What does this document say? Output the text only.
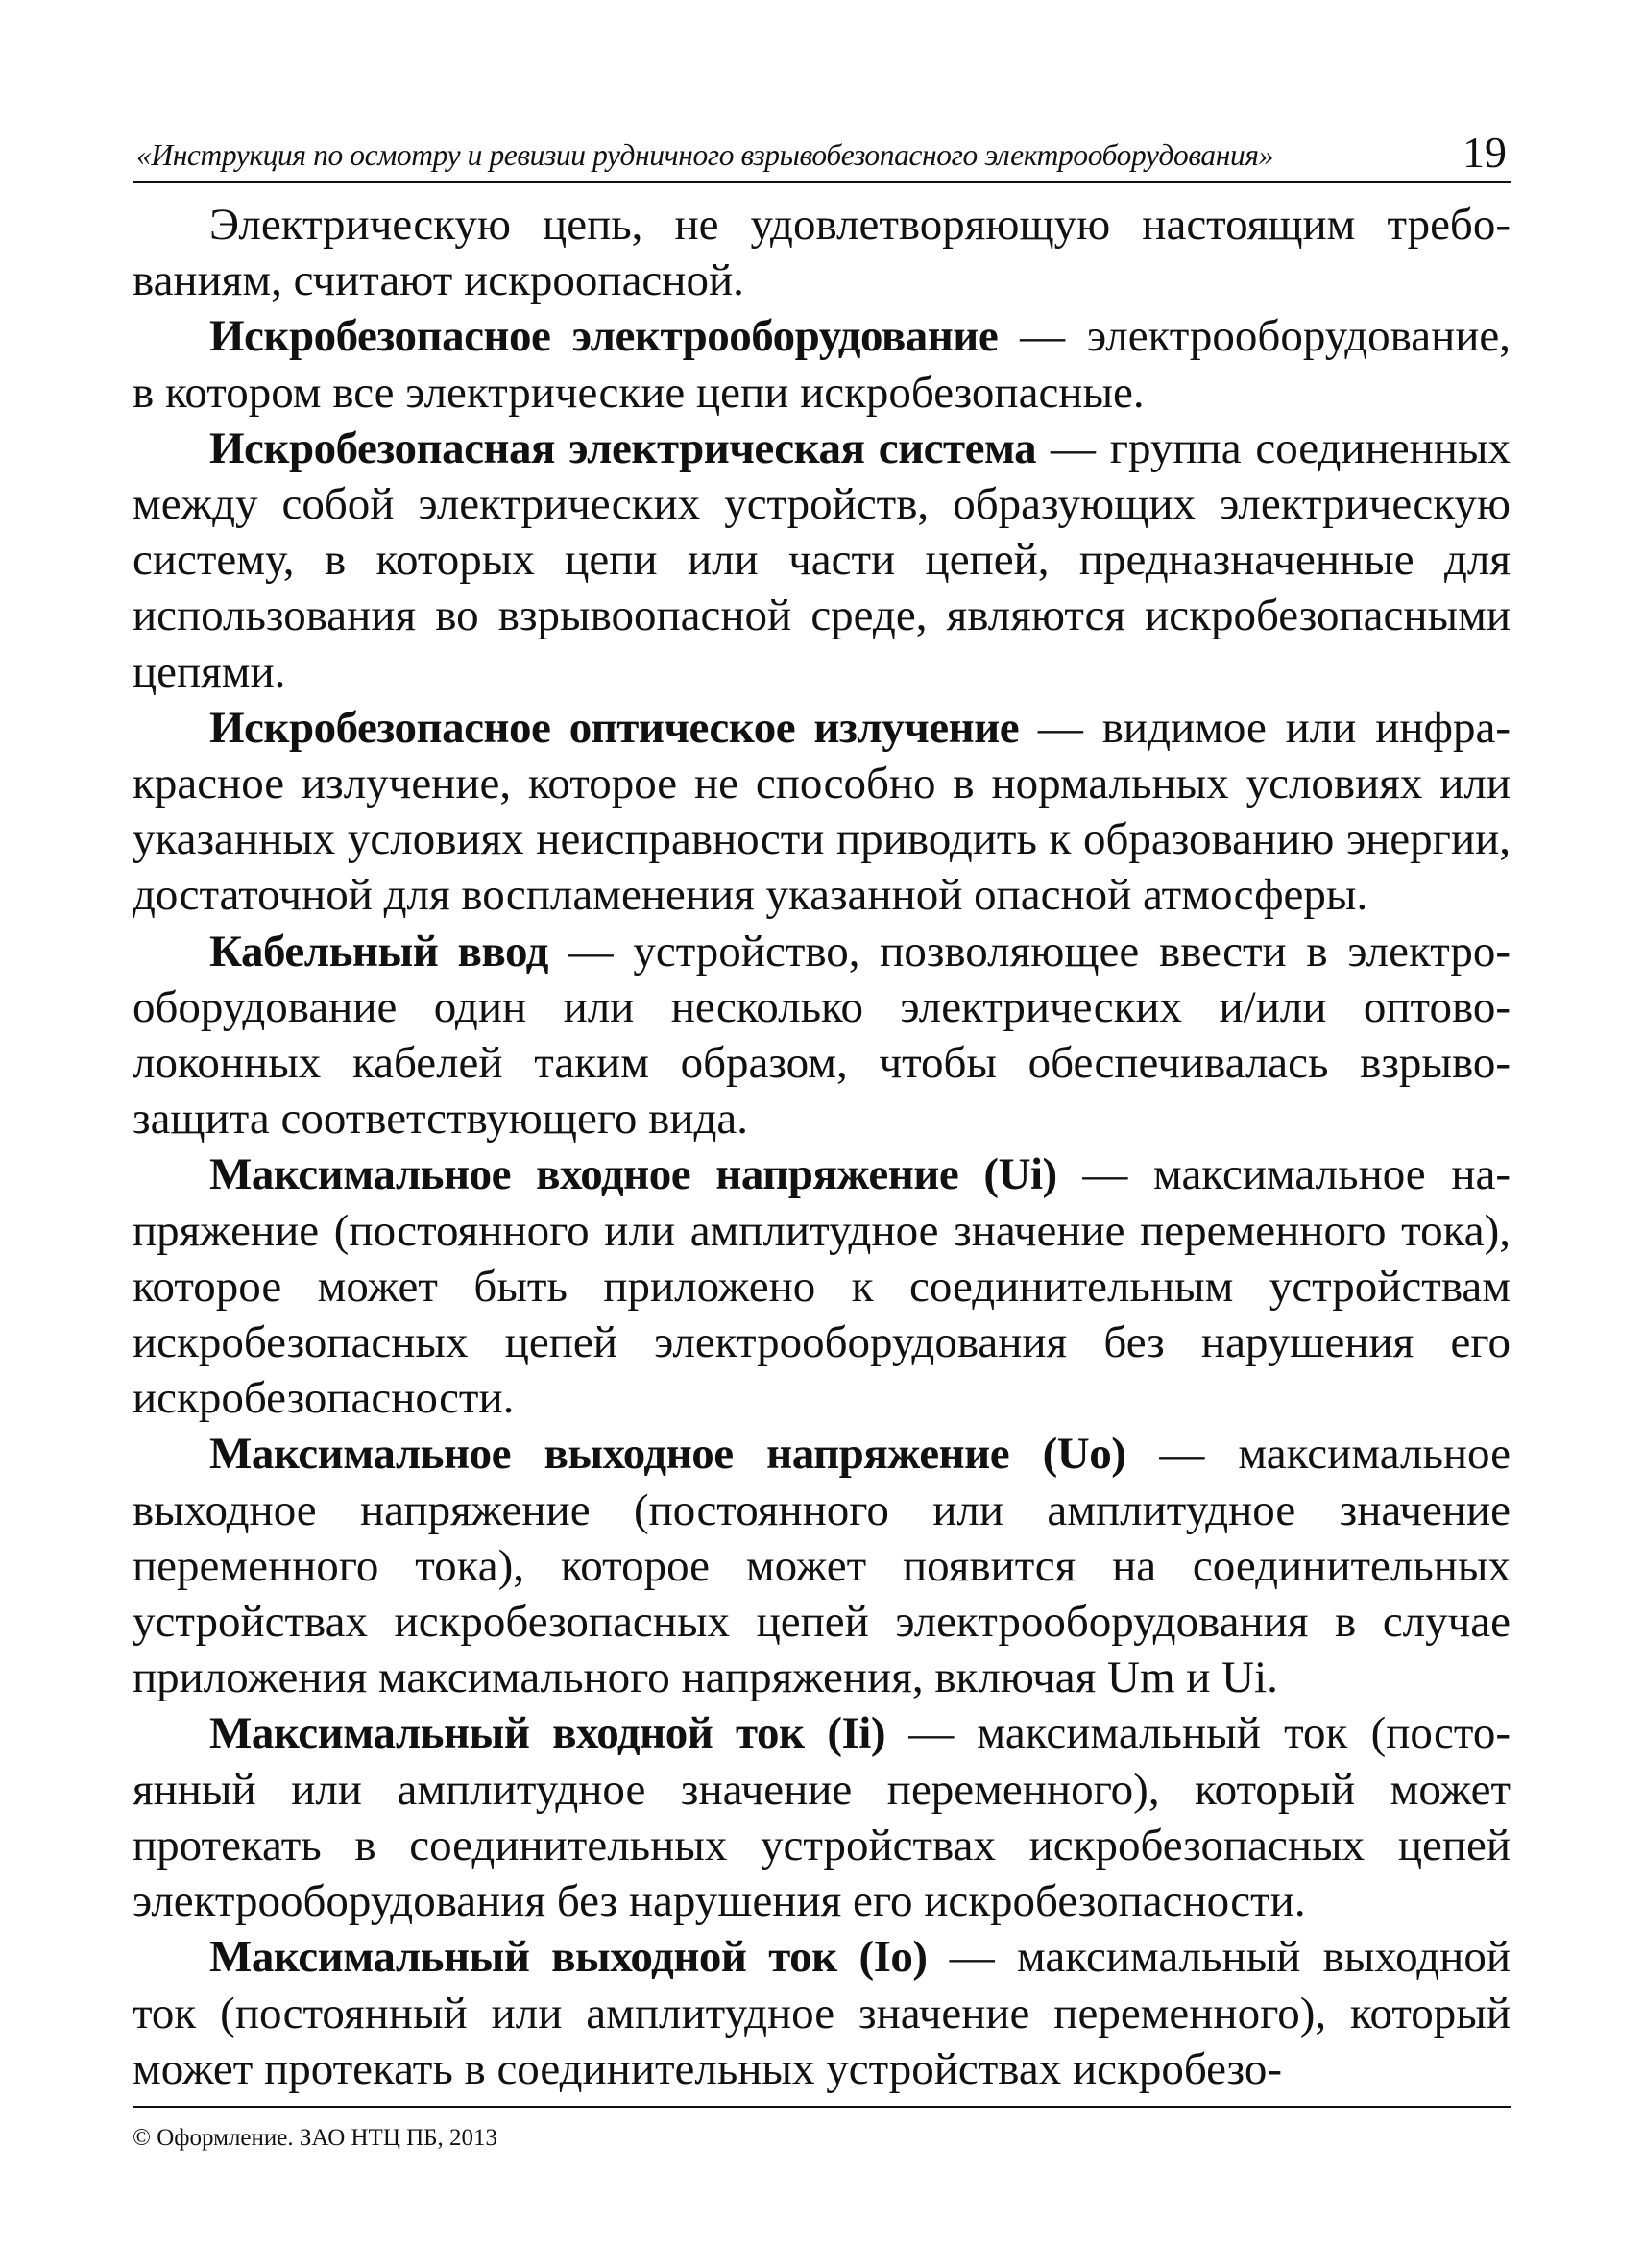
«Инструкция по осмотру и ревизии рудничного взрывобезопасного электрооборудования»	19

Электрическую цепь, не удовлетворяющую настоящим требованиям, считают искроопасной.

Искробезопасное электрооборудование — электрооборудование, в котором все электрические цепи искробезопасные.

Искробезопасная электрическая система — группа соединенных между собой электрических устройств, образующих электрическую систему, в которых цепи или части цепей, предназначенные для использования во взрывоопасной среде, являются искробезопасными цепями.

Искробезопасное оптическое излучение — видимое или инфракрасное излучение, которое не способно в нормальных условиях или указанных условиях неисправности приводить к образованию энергии, достаточной для воспламенения указанной опасной атмосферы.

Кабельный ввод — устройство, позволяющее ввести в электрооборудование один или несколько электрических и/или оптоволоконных кабелей таким образом, чтобы обеспечивалась взрывозащита соответствующего вида.

Максимальное входное напряжение (Ui) — максимальное напряжение (постоянного или амплитудное значение переменного тока), которое может быть приложено к соединительным устройствам искробезопасных цепей электрооборудования без нарушения его искробезопасности.

Максимальное выходное напряжение (Uo) — максимальное выходное напряжение (постоянного или амплитудное значение переменного тока), которое может появится на соединительных устройствах искробезопасных цепей электрооборудования в случае приложения максимального напряжения, включая Um и Ui.

Максимальный входной ток (Ii) — максимальный ток (постоянный или амплитудное значение переменного), который может протекать в соединительных устройствах искробезопасных цепей электрооборудования без нарушения его искробезопасности.

Максимальный выходной ток (Io) — максимальный выходной ток (постоянный или амплитудное значение переменного), который может протекать в соединительных устройствах искробезо-

© Оформление. ЗАО НТЦ ПБ, 2013
